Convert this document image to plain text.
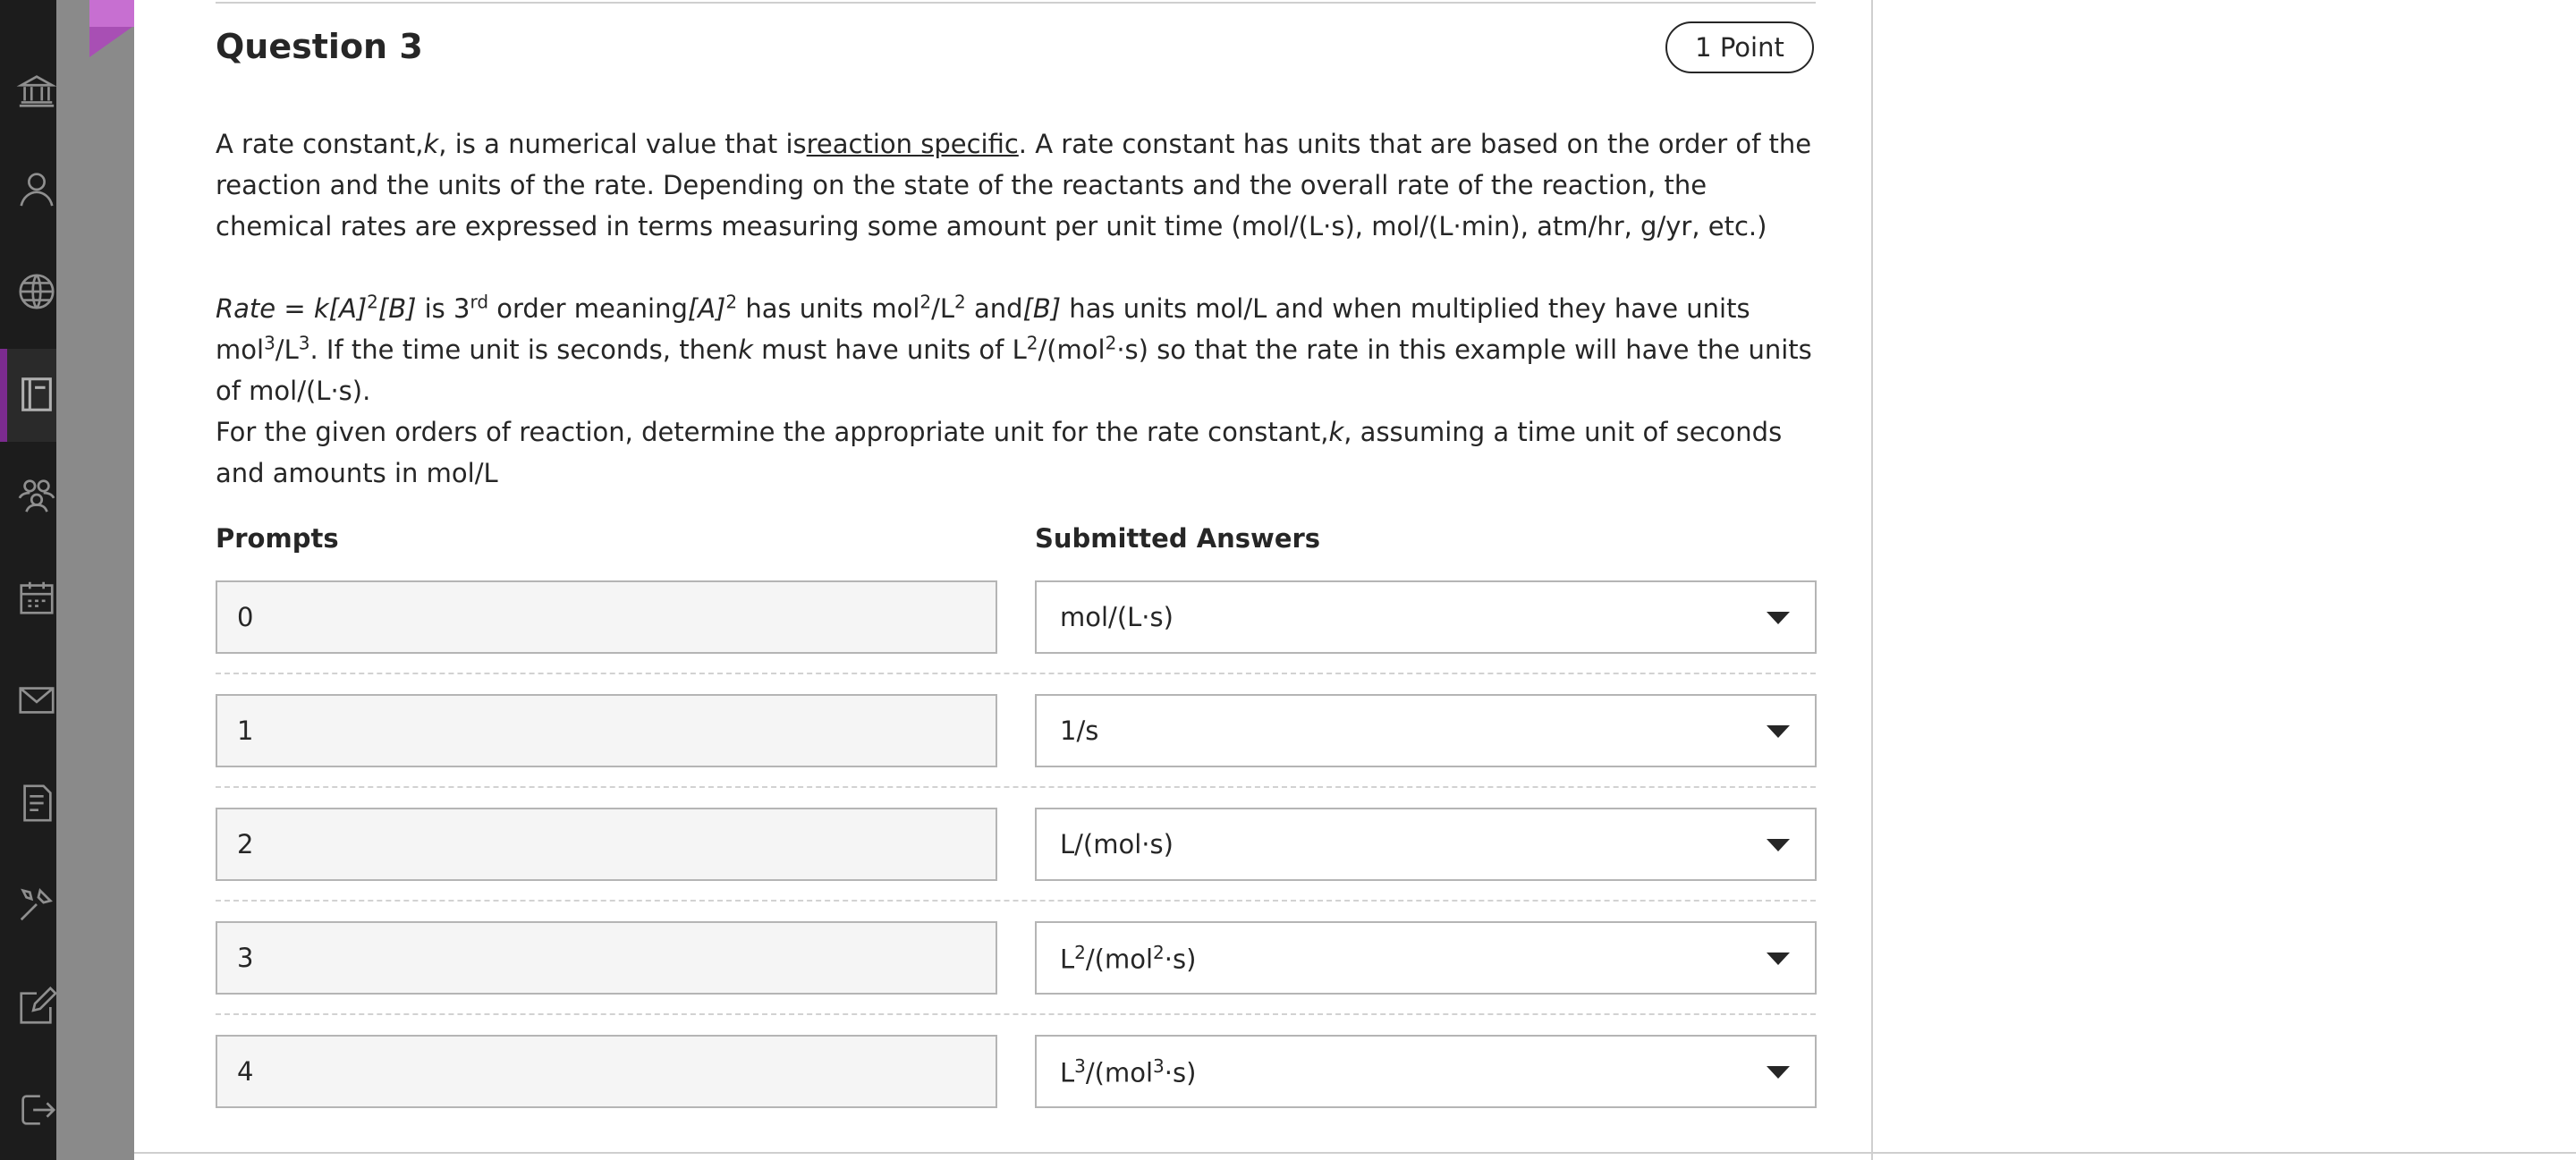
Question 3	1 Point
A rate constant,k, is a numerical value that isreaction specific. A rate constant has units that are based on the order of the reaction and the units of the rate. Depending on the state of the reactants and the overall rate of the reaction, the chemical rates are expressed in terms measuring some amount per unit time (mol/(L·s), mol/(L·min), atm/hr, g/yr, etc.)
Rate = $k[A]^2[B]$ is 3rd order $meaning[A]^2$ has units $mol^2/L^2$ and[B] has units mol/L and when multiplied they have units $mol^3/L^3$. If the time unit is seconds, thenk must have units of $L^2/(mol^2\cdot s)$ so that the rate in this example will have the units of mol/(L·s).
For the given orders of reaction, determine the appropriate unit for the rate constant,k, assuming a time unit of seconds and amounts in mol/L
Prompts	Submitted Answers
0	mol/(L·s)
1	1/s
2	L/(mol·s)
3	$L^2/(mol^2\cdot s)$
4	$L^3/(mol^3\cdot s)$
